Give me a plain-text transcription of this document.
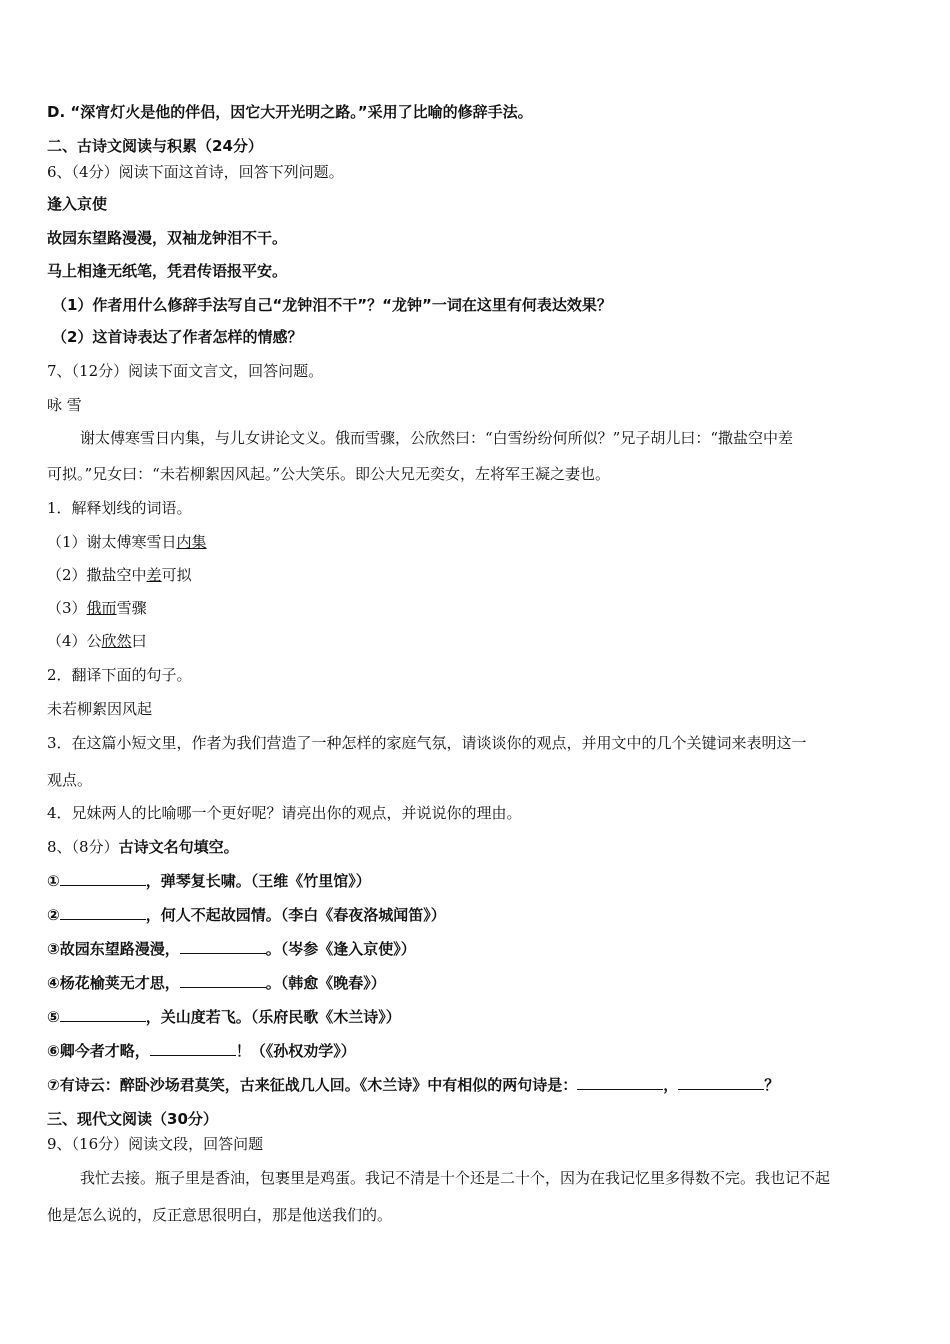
D. “深宵灯火是他的伴侣，因它大开光明之路。”采用了比喻的修辞手法。
二、古诗文阅读与积累（24分）
6、（4分）阅读下面这首诗，回答下列问题。
逢入京使
故园东望路漫漫，双袖龙钟泪不干。
马上相逢无纸笔，凭君传语报平安。
（1）作者用什么修辞手法写自己“龙钟泪不干”？“龙钟”一词在这里有何表达效果？
（2）这首诗表达了作者怎样的情感？
7、（12分）阅读下面文言文，回答问题。
咏 雪
谢太傅寒雪日内集，与儿女讲论文义。俄而雪骤，公欣然曰：“白雪纷纷何所似？”兄子胡儿曰：“撒盐空中差
可拟。”兄女曰：“未若柳絮因风起。”公大笑乐。即公大兄无奕女，左将军王凝之妻也。
1．解释划线的词语。
（1）谢太傅寒雪日内集
（2）撒盐空中差可拟
（3）俄而雪骤
（4）公欣然曰
2．翻译下面的句子。
未若柳絮因风起
3．在这篇小短文里，作者为我们营造了一种怎样的家庭气氛，请谈谈你的观点，并用文中的几个关键词来表明这一
观点。
4．兄妹两人的比喻哪一个更好呢？请亮出你的观点，并说说你的理由。
8、（8分）古诗文名句填空。
①	，弹琴复长啸。（王维《竹里馆》）
②	，何人不起故园情。（李白《春夜洛城闻笛》）
③故园东望路漫漫，	。（岑参《逢入京使》）
④杨花榆荚无才思，	。（韩愈《晚春》）
⑤	，关山度若飞。（乐府民歌《木兰诗》）
⑥卿今者才略，	！（《孙权劝学》）
⑦有诗云：醉卧沙场君莫笑，古来征战几人回。《木兰诗》中有相似的两句诗是：	，	？
三、现代文阅读（30分）
9、（16分）阅读文段，回答问题
我忙去接。瓶子里是香油，包裹里是鸡蛋。我记不清是十个还是二十个，因为在我记忆里多得数不完。我也记不起
他是怎么说的，反正意思很明白，那是他送我们的。
